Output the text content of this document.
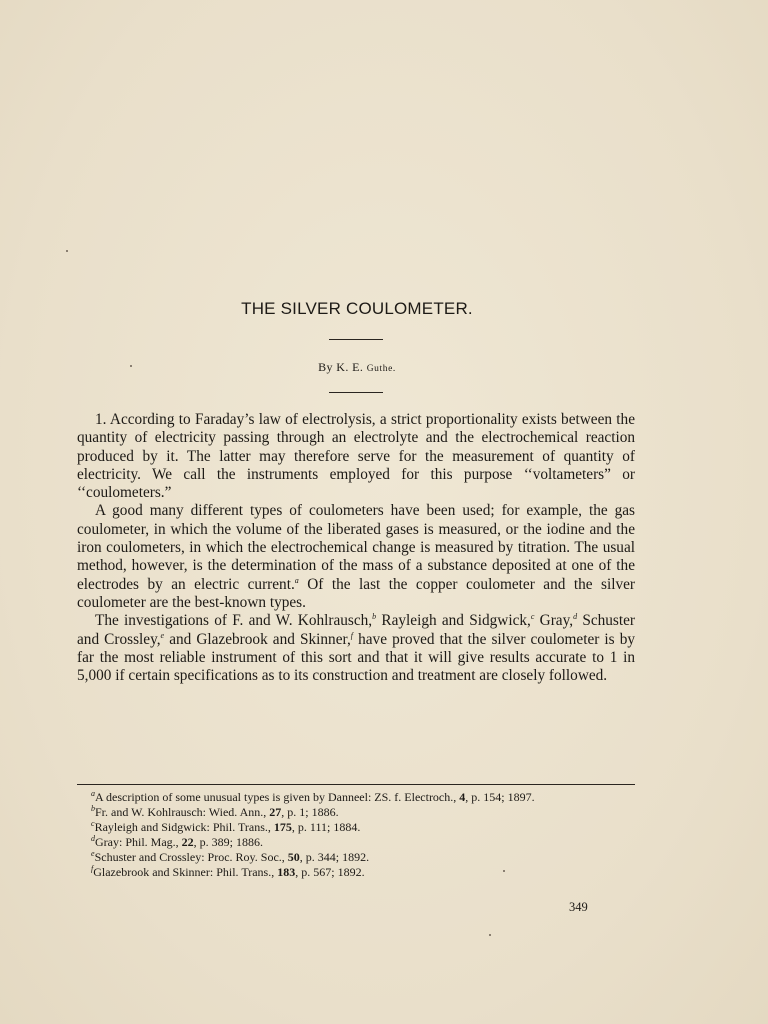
THE SILVER COULOMETER.
By K. E. Guthe.

1. According to Faraday’s law of electrolysis, a strict proportionality exists between the quantity of electricity passing through an electrolyte and the electrochemical reaction produced by it. The latter may therefore serve for the measurement of quantity of electricity. We call the instruments employed for this purpose ‘‘voltameters” or ‘‘coulometers.”

A good many different types of coulometers have been used; for example, the gas coulometer, in which the volume of the liberated gases is measured, or the iodine and the iron coulometers, in which the electrochemical change is measured by titration. The usual method, however, is the determination of the mass of a substance deposited at one of the electrodes by an electric current.$^a$ Of the last the copper coulometer and the silver coulometer are the best-known types.

The investigations of F. and W. Kohlrausch,$^b$ Rayleigh and Sidgwick,$^c$ Gray,$^d$ Schuster and Crossley,$^e$ and Glazebrook and Skinner,$^f$ have proved that the silver coulometer is by far the most reliable instrument of this sort and that it will give results accurate to 1 in 5,000 if certain specifications as to its construction and treatment are closely followed.

$^a$A description of some unusual types is given by Danneel: ZS. f. Electroch., 4, p. 154; 1897.

$^b$Fr. and W. Kohlrausch: Wied. Ann., 27, p. 1; 1886.

$^c$Rayleigh and Sidgwick: Phil. Trans., 175, p. 111; 1884.

$^d$Gray: Phil. Mag., 22, p. 389; 1886.

$^e$Schuster and Crossley: Proc. Roy. Soc., 50, p. 344; 1892.

$^f$Glazebrook and Skinner: Phil. Trans., 183, p. 567; 1892.

349
